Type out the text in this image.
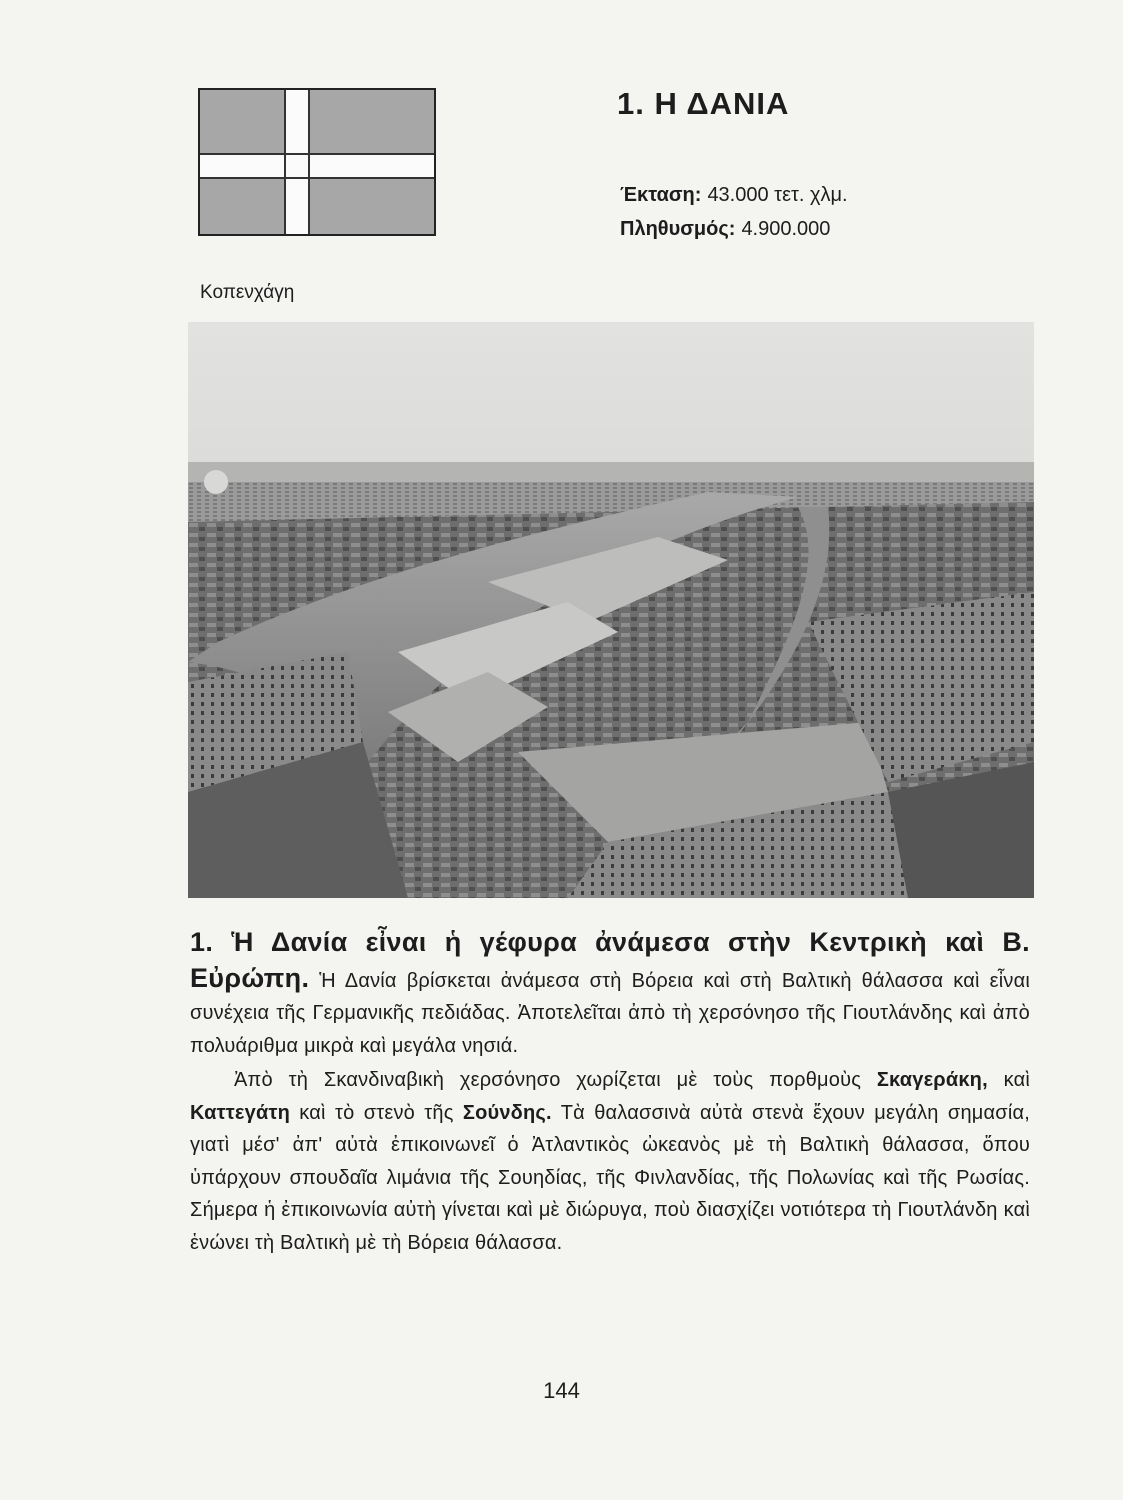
1. Η ΔΑΝΙΑ
Έκταση: 43.000 τετ. χλμ.
Πληθυσμός: 4.900.000
Κοπενχάγη

1. Ἡ Δανία εἶναι ἡ γέφυρα ἀνάμεσα στὴν Κεντρικὴ καὶ Β. Εὐρώπη. Ἡ Δανία βρίσκεται ἀνάμεσα στὴ Βόρεια καὶ στὴ Βαλτικὴ θάλασσα καὶ εἶναι συνέχεια τῆς Γερμανικῆς πεδιάδας. Ἀποτελεῖται ἀπὸ τὴ χερσόνησο τῆς Γιουτλάνδης καὶ ἀπὸ πολυάριθμα μικρὰ καὶ μεγάλα νησιά.

Ἀπὸ τὴ Σκανδιναβικὴ χερσόνησο χωρίζεται μὲ τοὺς πορθμοὺς Σκαγεράκη, καὶ Καττεγάτη καὶ τὸ στενὸ τῆς Σούνδης. Τὰ θαλασσινὰ αὐτὰ στενὰ ἔχουν μεγάλη σημασία, γιατὶ μέσ' ἀπ' αὐτὰ ἐπικοινωνεῖ ὁ Ἀτλαντικὸς ὠκεανὸς μὲ τὴ Βαλτικὴ θάλασσα, ὅπου ὑπάρχουν σπουδαῖα λιμάνια τῆς Σουηδίας, τῆς Φινλανδίας, τῆς Πολωνίας καὶ τῆς Ρωσίας. Σήμερα ἡ ἐπικοινωνία αὐτὴ γίνεται καὶ μὲ διώρυγα, ποὺ διασχίζει νοτιότερα τὴ Γιουτλάνδη καὶ ἑνώνει τὴ Βαλτικὴ μὲ τὴ Βόρεια θάλασσα.

144
